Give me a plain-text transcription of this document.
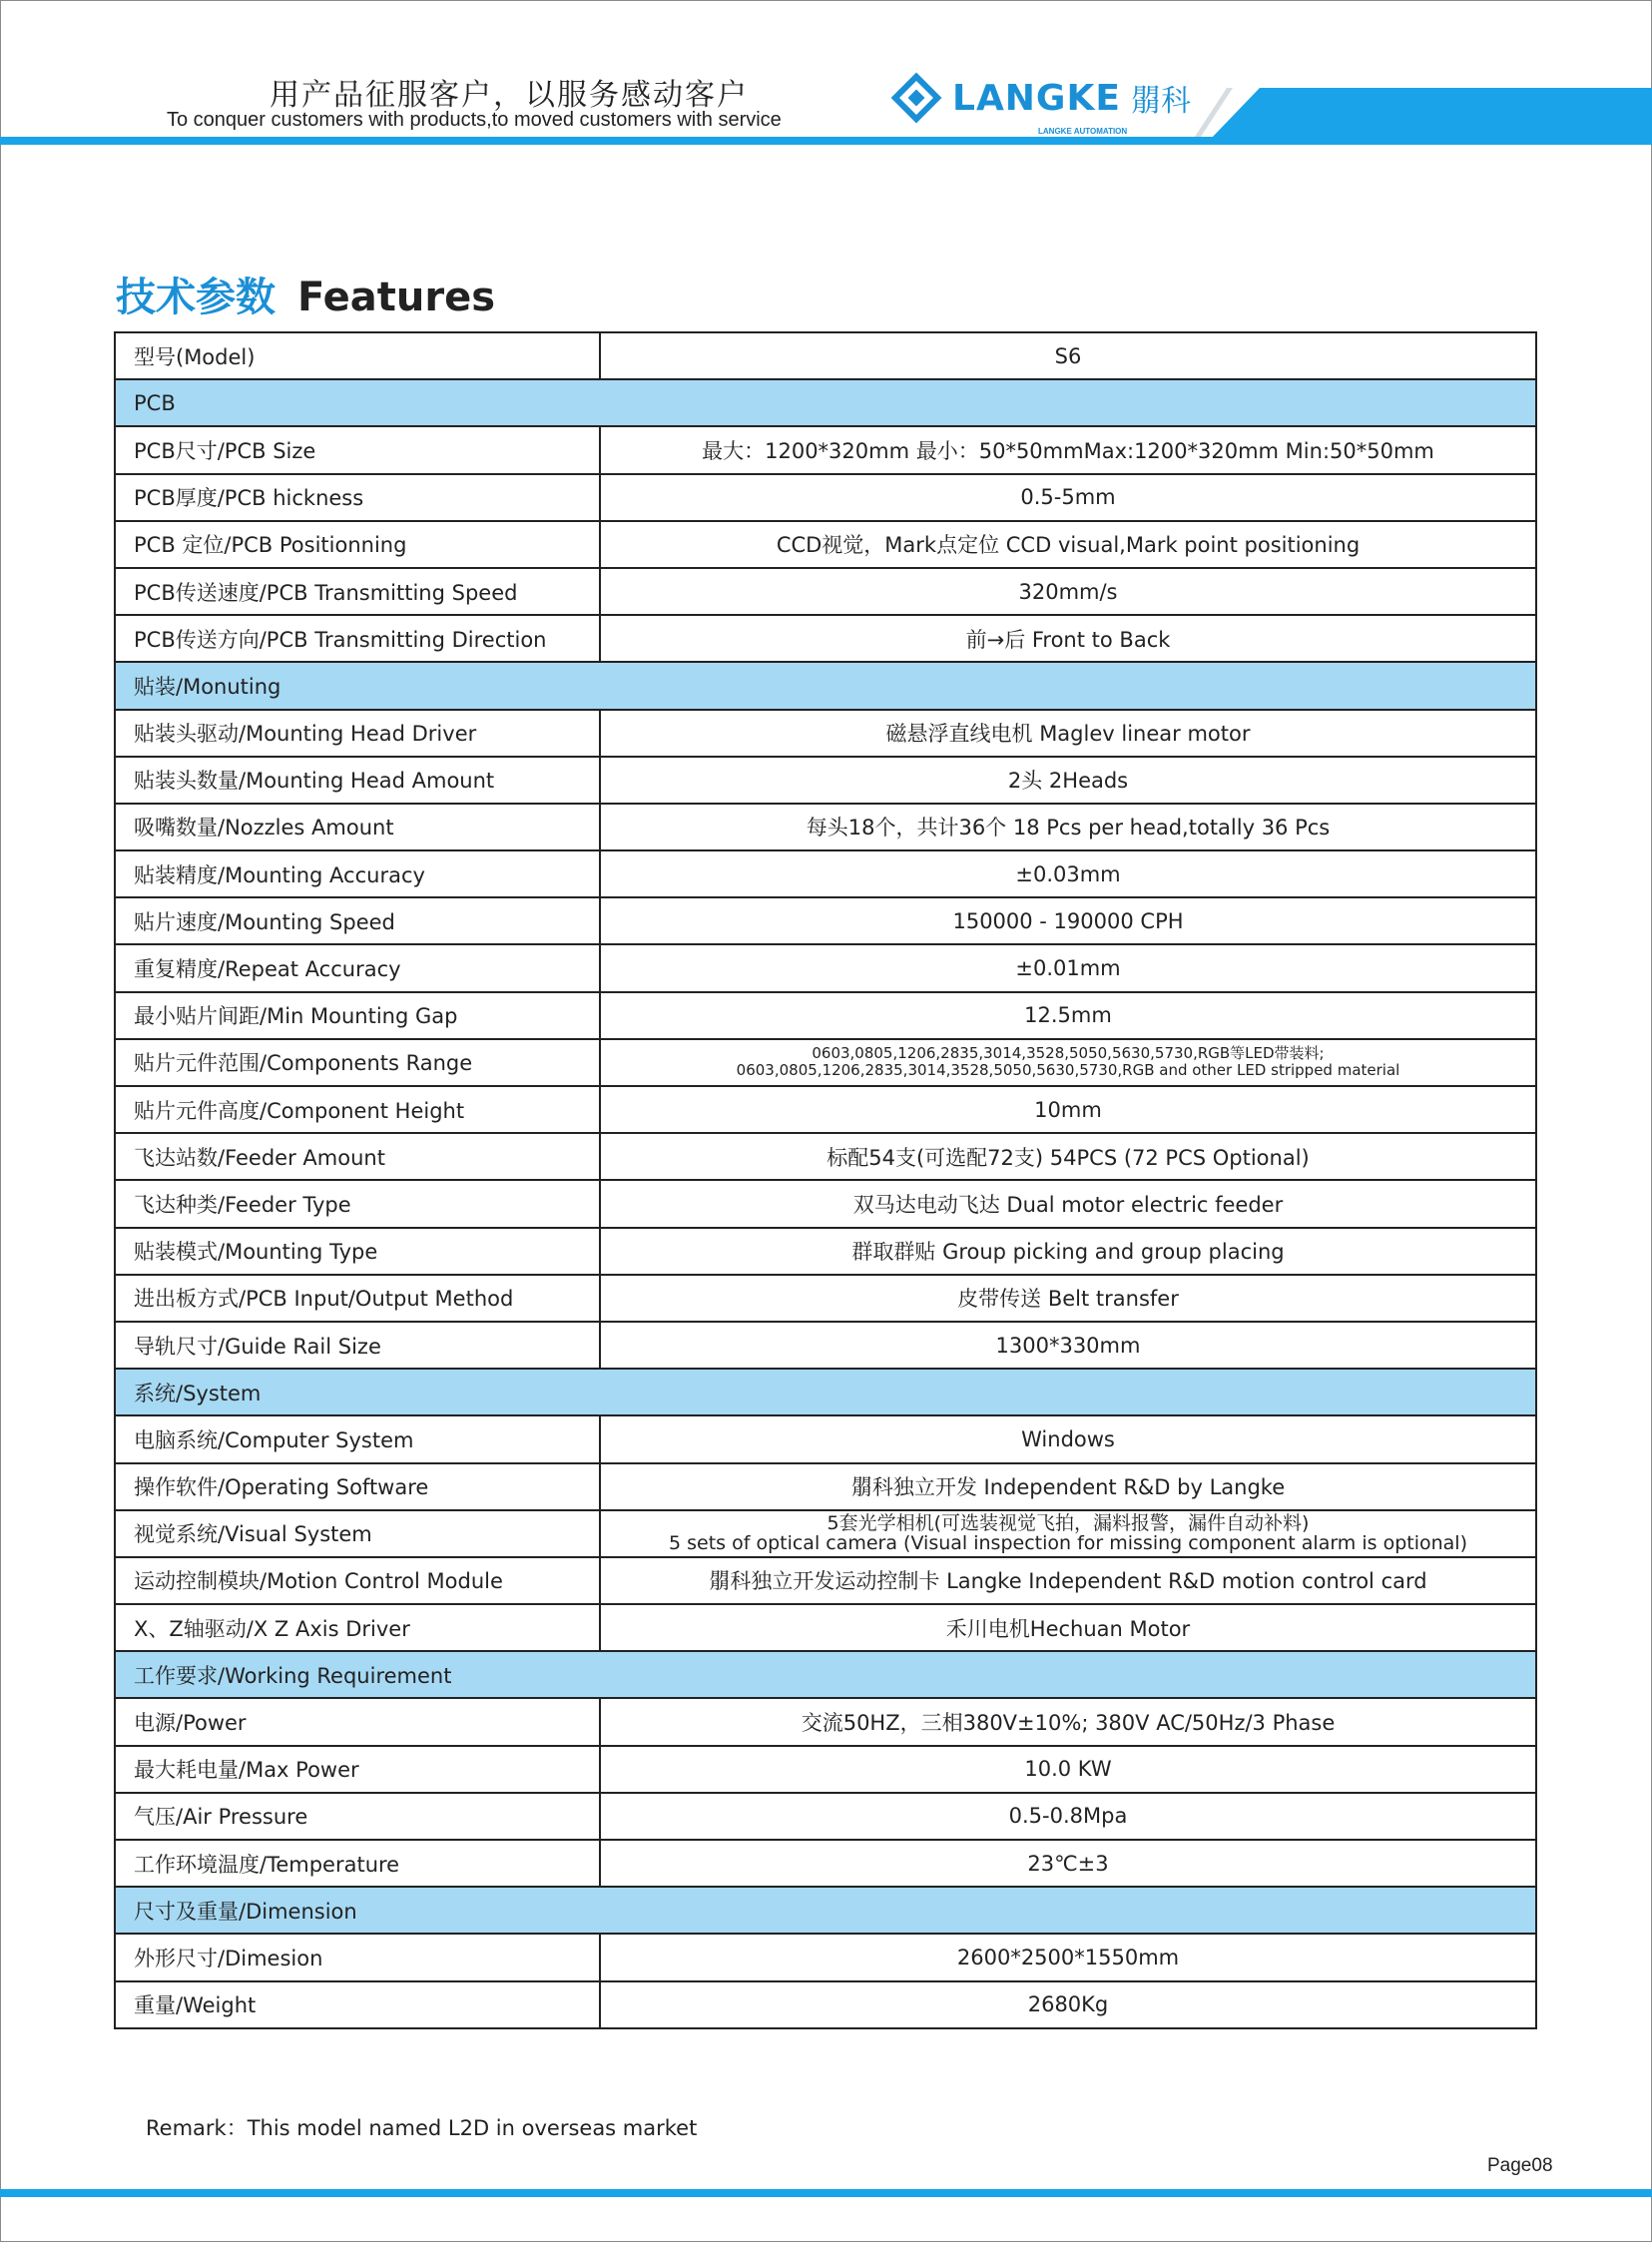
用产品征服客户，以服务感动客户
To conquer customers with products,to moved customers with service
LANGKE 朤科
LANGKE AUTOMATION
技术参数 Features
型号(Model)	S6
PCB	
PCB尺寸/PCB Size	最大：1200*320mm 最小：50*50mmMax:1200*320mm Min:50*50mm
PCB厚度/PCB hickness	0.5-5mm
PCB 定位/PCB Positionning	CCD视觉，Mark点定位 CCD visual,Mark point positioning
PCB传送速度/PCB Transmitting Speed	320mm/s
PCB传送方向/PCB Transmitting Direction	前→后 Front to Back
贴装/Monuting	
贴装头驱动/Mounting Head Driver	磁悬浮直线电机 Maglev linear motor
贴装头数量/Mounting Head Amount	2头 2Heads
吸嘴数量/Nozzles Amount	每头18个，共计36个 18 Pcs per head,totally 36 Pcs
贴装精度/Mounting Accuracy	±0.03mm
贴片速度/Mounting Speed	150000 - 190000 CPH
重复精度/Repeat Accuracy	±0.01mm
最小贴片间距/Min Mounting Gap	12.5mm
贴片元件范围/Components Range	0603,0805,1206,2835,3014,3528,5050,5630,5730,RGB等LED带装料;
0603,0805,1206,2835,3014,3528,5050,5630,5730,RGB and other LED stripped material

贴片元件高度/Component Height	10mm
飞达站数/Feeder Amount	标配54支(可选配72支) 54PCS (72 PCS Optional)
飞达种类/Feeder Type	双马达电动飞达 Dual motor electric feeder
贴装模式/Mounting Type	群取群贴 Group picking and group placing
进出板方式/PCB Input/Output Method	皮带传送 Belt transfer
导轨尺寸/Guide Rail Size	1300*330mm
系统/System	
电脑系统/Computer System	Windows
操作软件/Operating Software	朤科独立开发 Independent R&D by Langke
视觉系统/Visual System	5套光学相机(可选装视觉飞拍，漏料报警，漏件自动补料)
5 sets of optical camera (Visual inspection for missing component alarm is optional)

运动控制模块/Motion Control Module	朤科独立开发运动控制卡 Langke Independent R&D motion control card
X、Z轴驱动/X Z Axis Driver	禾川电机Hechuan Motor
工作要求/Working Requirement	
电源/Power	交流50HZ，三相380V±10%; 380V AC/50Hz/3 Phase
最大耗电量/Max Power	10.0 KW
气压/Air Pressure	0.5-0.8Mpa
工作环境温度/Temperature	23℃±3
尺寸及重量/Dimension	
外形尺寸/Dimesion	2600*2500*1550mm
重量/Weight	2680Kg
Remark：This model named L2D in overseas market
Page08
